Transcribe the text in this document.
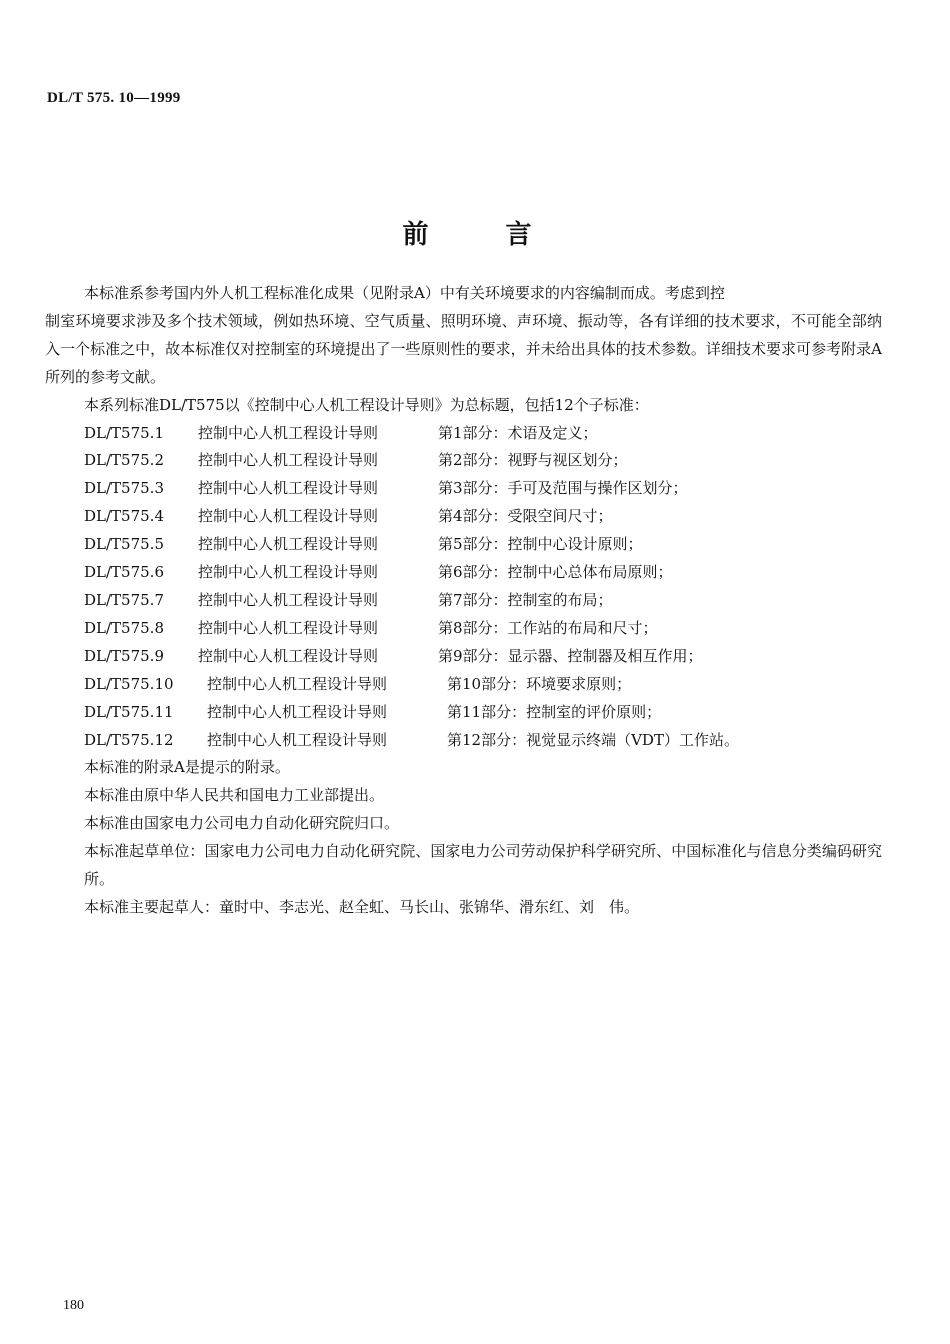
DL/T 575. 10—1999
前	言

本标准系参考国内外人机工程标准化成果（见附录A）中有关环境要求的内容编制而成。考虑到控

制室环境要求涉及多个技术领域，例如热环境、空气质量、照明环境、声环境、振动等，各有详细的技术要求，不可能全部纳入一个标准之中，故本标准仅对控制室的环境提出了一些原则性的要求，并未给出具体的技术参数。详细技术要求可参考附录A所列的参考文献。

本系列标准DL/T575以《控制中心人机工程设计导则》为总标题，包括12个子标准：

DL/T575.1	控制中心人机工程设计导则	第1部分：术语及定义；
DL/T575.2	控制中心人机工程设计导则	第2部分：视野与视区划分；
DL/T575.3	控制中心人机工程设计导则	第3部分：手可及范围与操作区划分；
DL/T575.4	控制中心人机工程设计导则	第4部分：受限空间尺寸；
DL/T575.5	控制中心人机工程设计导则	第5部分：控制中心设计原则；
DL/T575.6	控制中心人机工程设计导则	第6部分：控制中心总体布局原则；
DL/T575.7	控制中心人机工程设计导则	第7部分：控制室的布局；
DL/T575.8	控制中心人机工程设计导则	第8部分：工作站的布局和尺寸；
DL/T575.9	控制中心人机工程设计导则	第9部分：显示器、控制器及相互作用；
DL/T575.10	控制中心人机工程设计导则	第10部分：环境要求原则；
DL/T575.11	控制中心人机工程设计导则	第11部分：控制室的评价原则；
DL/T575.12	控制中心人机工程设计导则	第12部分：视觉显示终端（VDT）工作站。

本标准的附录A是提示的附录。

本标准由原中华人民共和国电力工业部提出。

本标准由国家电力公司电力自动化研究院归口。

本标准起草单位：国家电力公司电力自动化研究院、国家电力公司劳动保护科学研究所、中国标准化与信息分类编码研究所。

本标准主要起草人：童时中、李志光、赵全虹、马长山、张锦华、滑东红、刘　伟。

180
